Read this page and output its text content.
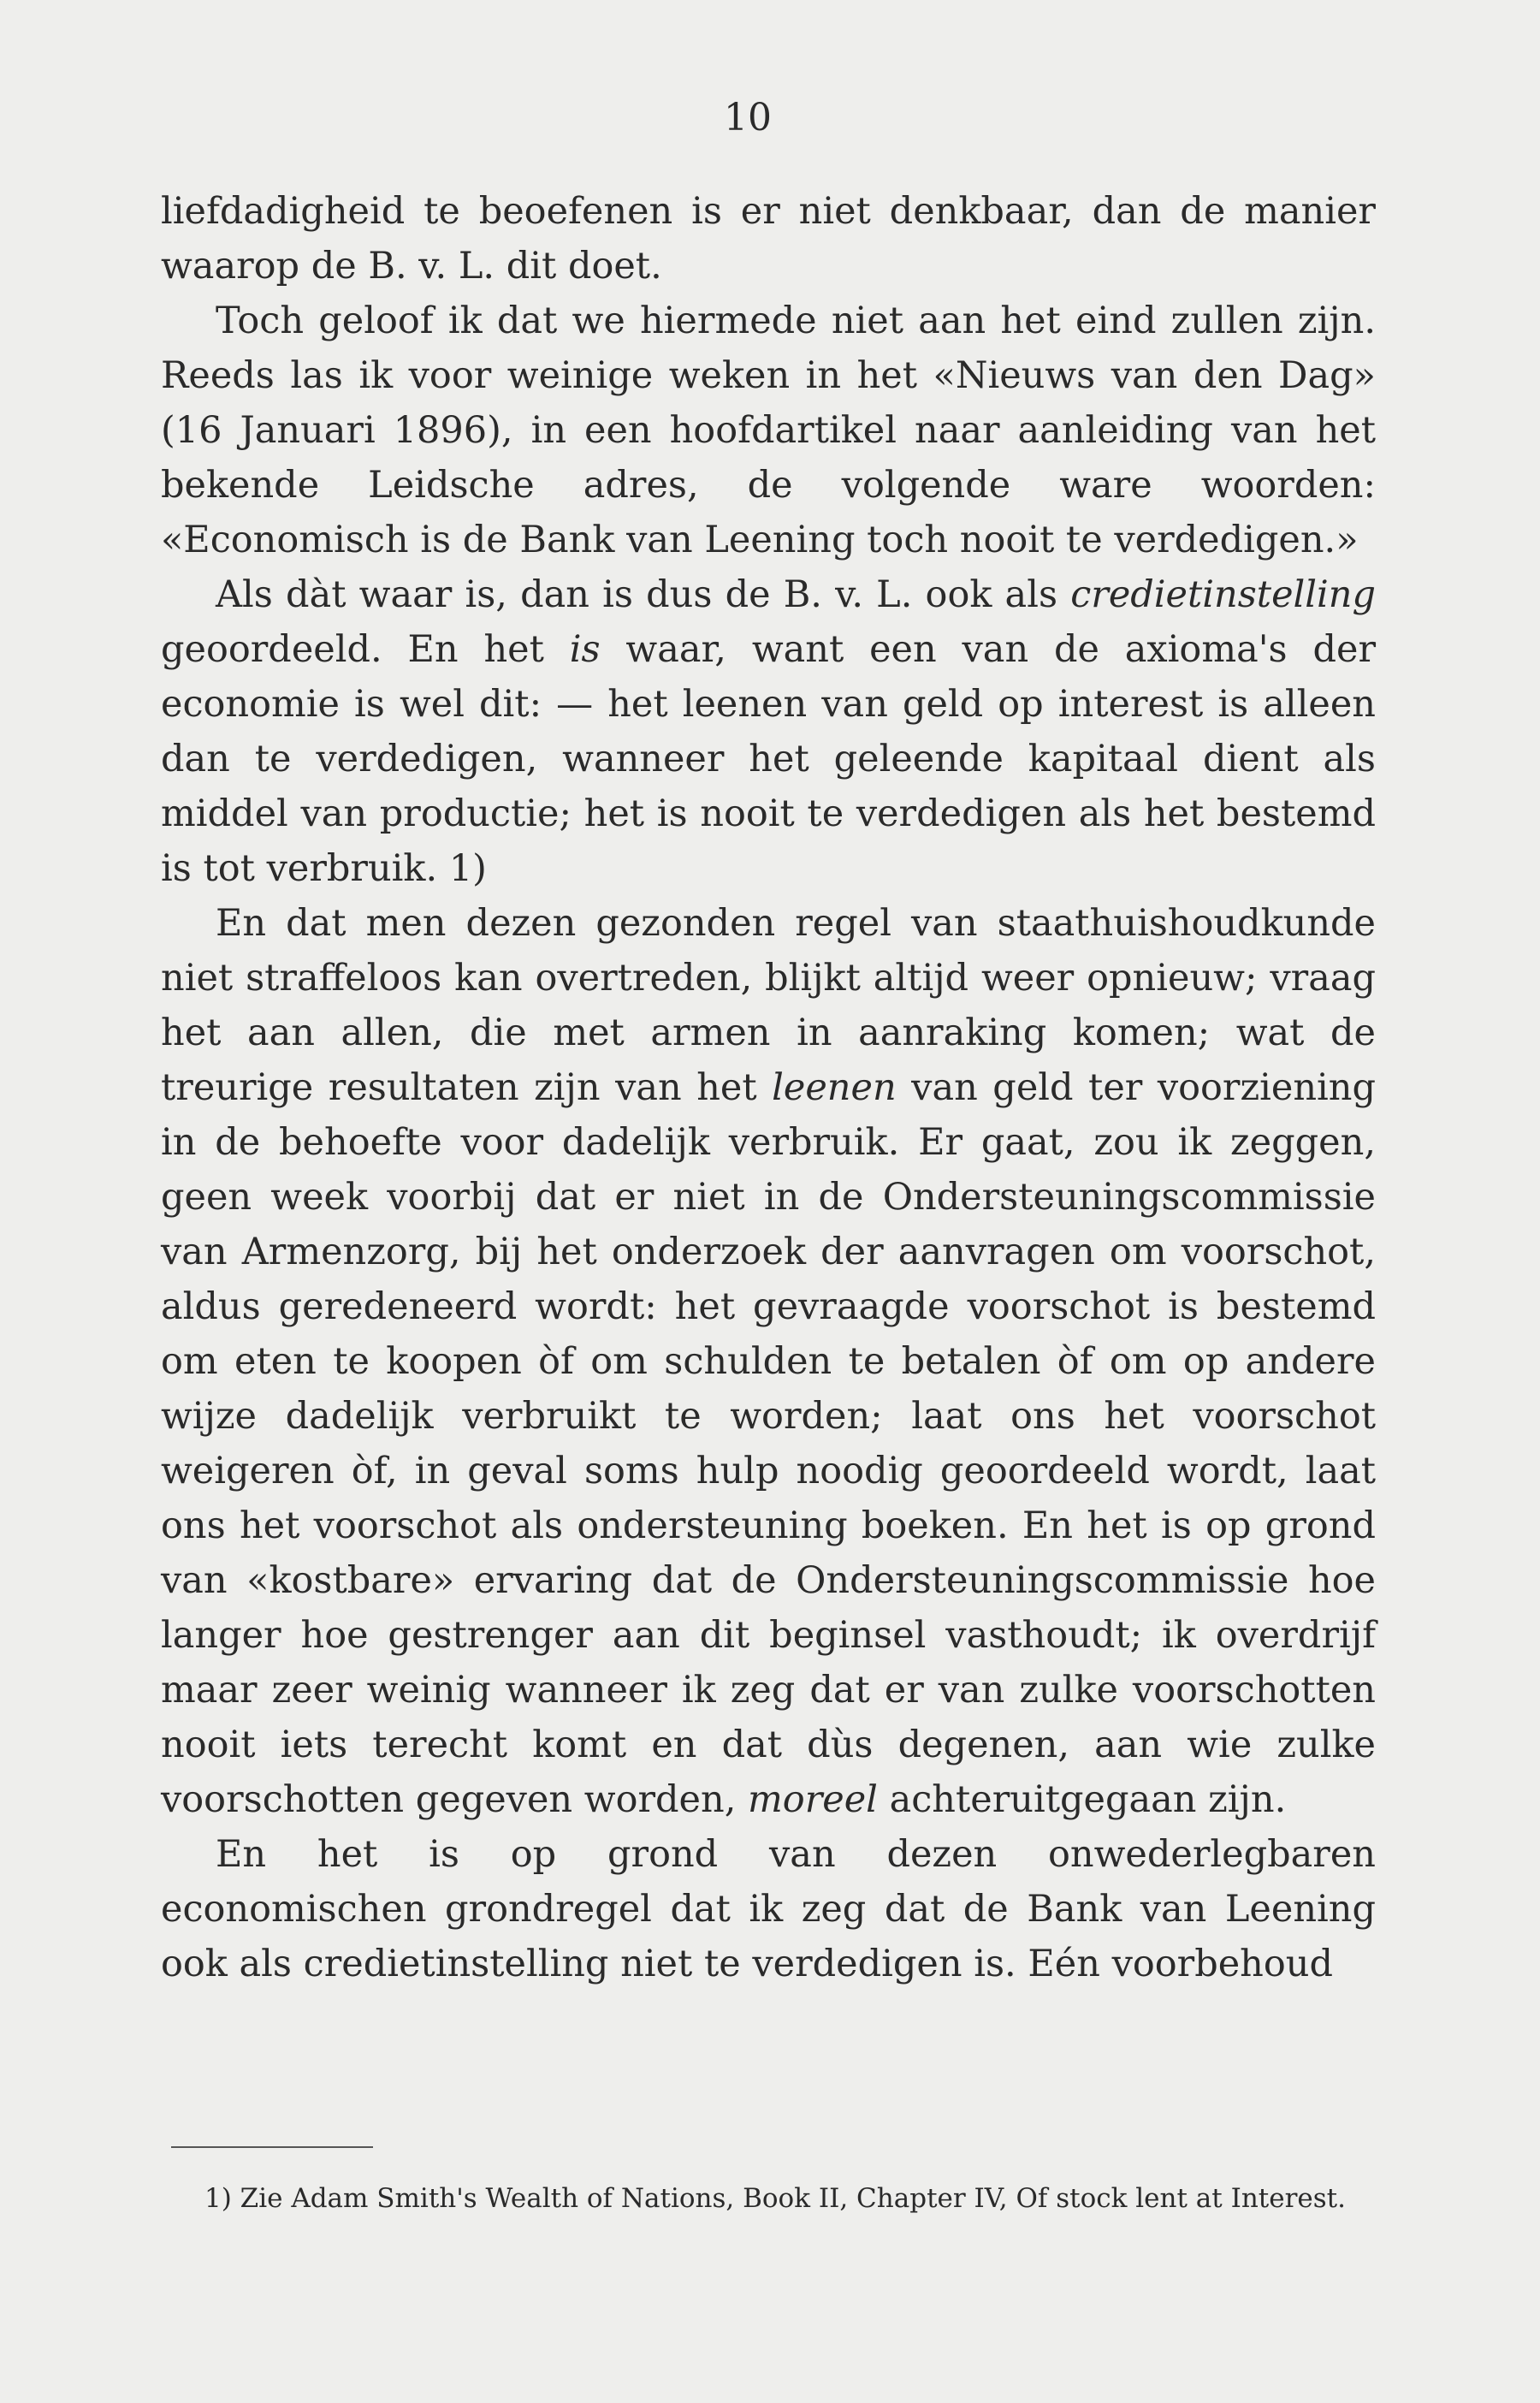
10

liefdadigheid te beoefenen is er niet denkbaar, dan de manier waarop de B. v. L. dit doet.

Toch geloof ik dat we hiermede niet aan het eind zullen zijn. Reeds las ik voor weinige weken in het «Nieuws van den Dag» (16 Januari 1896), in een hoofdartikel naar aanleiding van het bekende Leidsche adres, de volgende ware woorden: «Economisch is de Bank van Leening toch nooit te verdedigen.»

Als dàt waar is, dan is dus de B. v. L. ook als credietinstelling geoordeeld. En het is waar, want een van de axioma's der economie is wel dit: — het leenen van geld op interest is alleen dan te verdedigen, wanneer het geleende kapitaal dient als middel van productie; het is nooit te verdedigen als het bestemd is tot verbruik. 1)

En dat men dezen gezonden regel van staathuishoudkunde niet straffeloos kan overtreden, blijkt altijd weer opnieuw; vraag het aan allen, die met armen in aanraking komen; wat de treurige resultaten zijn van het leenen van geld ter voorziening in de behoefte voor dadelijk verbruik. Er gaat, zou ik zeggen, geen week voorbij dat er niet in de Ondersteuningscommissie van Armenzorg, bij het onderzoek der aanvragen om voorschot, aldus geredeneerd wordt: het gevraagde voorschot is bestemd om eten te koopen òf om schulden te betalen òf om op andere wijze dadelijk verbruikt te worden; laat ons het voorschot weigeren òf, in geval soms hulp noodig geoordeeld wordt, laat ons het voorschot als ondersteuning boeken. En het is op grond van «kostbare» ervaring dat de Ondersteuningscommissie hoe langer hoe gestrenger aan dit beginsel vasthoudt; ik overdrijf maar zeer weinig wanneer ik zeg dat er van zulke voorschotten nooit iets terecht komt en dat dùs degenen, aan wie zulke voorschotten gegeven worden, moreel achteruitgegaan zijn.

En het is op grond van dezen onwederlegbaren economischen grondregel dat ik zeg dat de Bank van Leening ook als credietinstelling niet te verdedigen is. Eén voorbehoud

1) Zie Adam Smith's Wealth of Nations, Book II, Chapter IV, Of stock lent at Interest.
